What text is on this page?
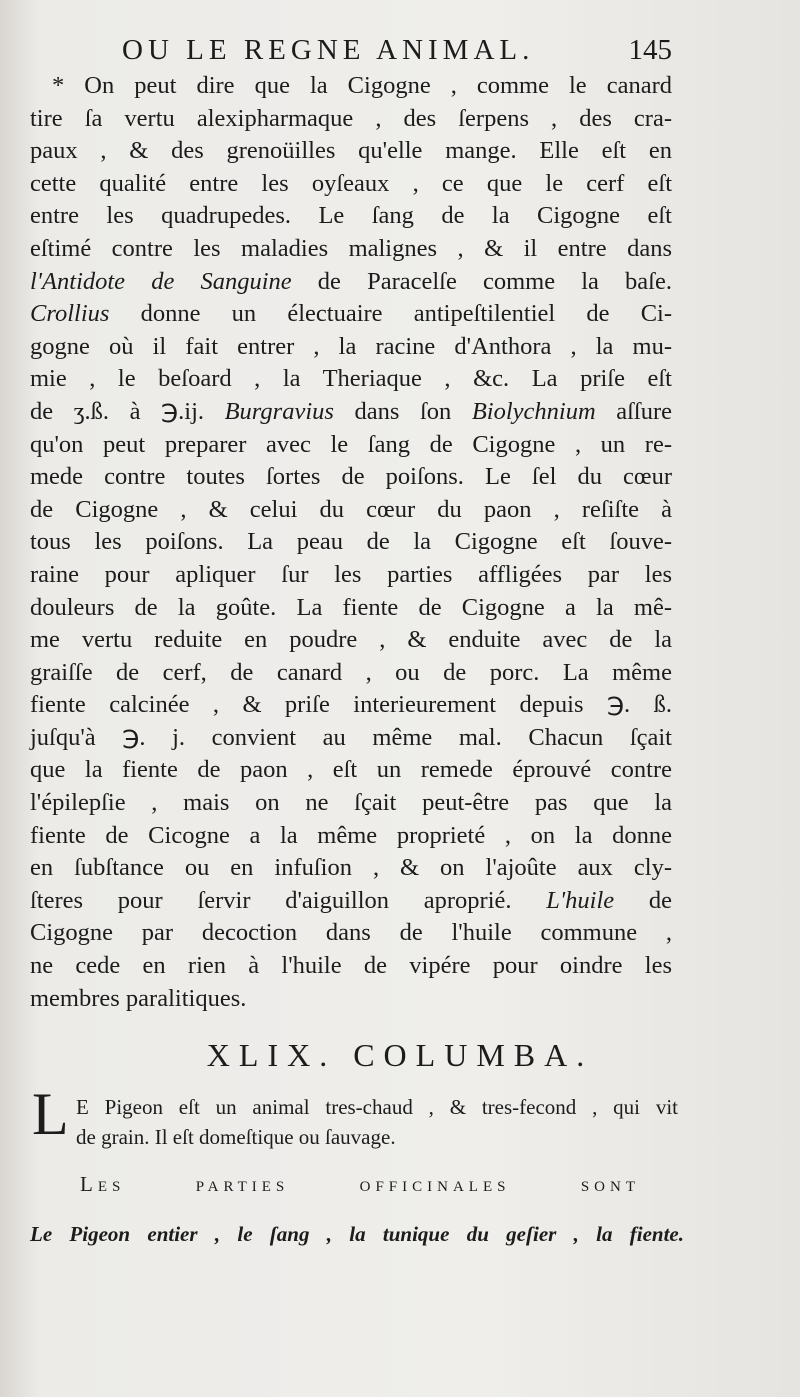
OU LE REGNE ANIMAL.	145
* On peut dire que la Cigogne , comme le canard
tire ſa vertu alexipharmaque , des ſerpens , des cra-
paux , & des grenoüilles qu'elle mange. Elle eſt en
cette qualité entre les oyſeaux , ce que le cerf eſt
entre les quadrupedes. Le ſang de la Cigogne eſt
eſtimé contre les maladies malignes , & il entre dans
l'Antidote de Sanguine de Paracelſe comme la baſe.
Crollius donne un électuaire antipeſtilentiel de Ci-
gogne où il fait entrer , la racine d'Anthora , la mu-
mie , le beſoard , la Theriaque , &c. La priſe eſt
de ʒ.ß. à ℈.ij. Burgravius dans ſon Biolychnium aſſure
qu'on peut preparer avec le ſang de Cigogne , un re-
mede contre toutes ſortes de poiſons. Le ſel du cœur
de Cigogne , & celui du cœur du paon , reſiſte à
tous les poiſons. La peau de la Cigogne eſt ſouve-
raine pour apliquer ſur les parties affligées par les
douleurs de la goûte. La fiente de Cigogne a la mê-
me vertu reduite en poudre , & enduite avec de la
graiſſe de cerf, de canard , ou de porc. La même
fiente calcinée , & priſe interieurement depuis ℈. ß.
juſqu'à ℈. j. convient au même mal. Chacun ſçait
que la fiente de paon , eſt un remede éprouvé contre
l'épilepſie , mais on ne ſçait peut-être pas que la
fiente de Cicogne a la même proprieté , on la donne
en ſubſtance ou en infuſion , & on l'ajoûte aux cly-
ſteres pour ſervir d'aiguillon aproprié. L'huile de
Cigogne par decoction dans de l'huile commune ,
ne cede en rien à l'huile de vipére pour oindre les
membres paralitiques.
XLIX. COLUMBA.
L E Pigeon eſt un animal tres-chaud , & tres-fecond , qui vit
de grain. Il eſt domeſtique ou ſauvage.
Les parties officinales sont
Le Pigeon entier , le ſang , la tunique du geſier , la fiente.
